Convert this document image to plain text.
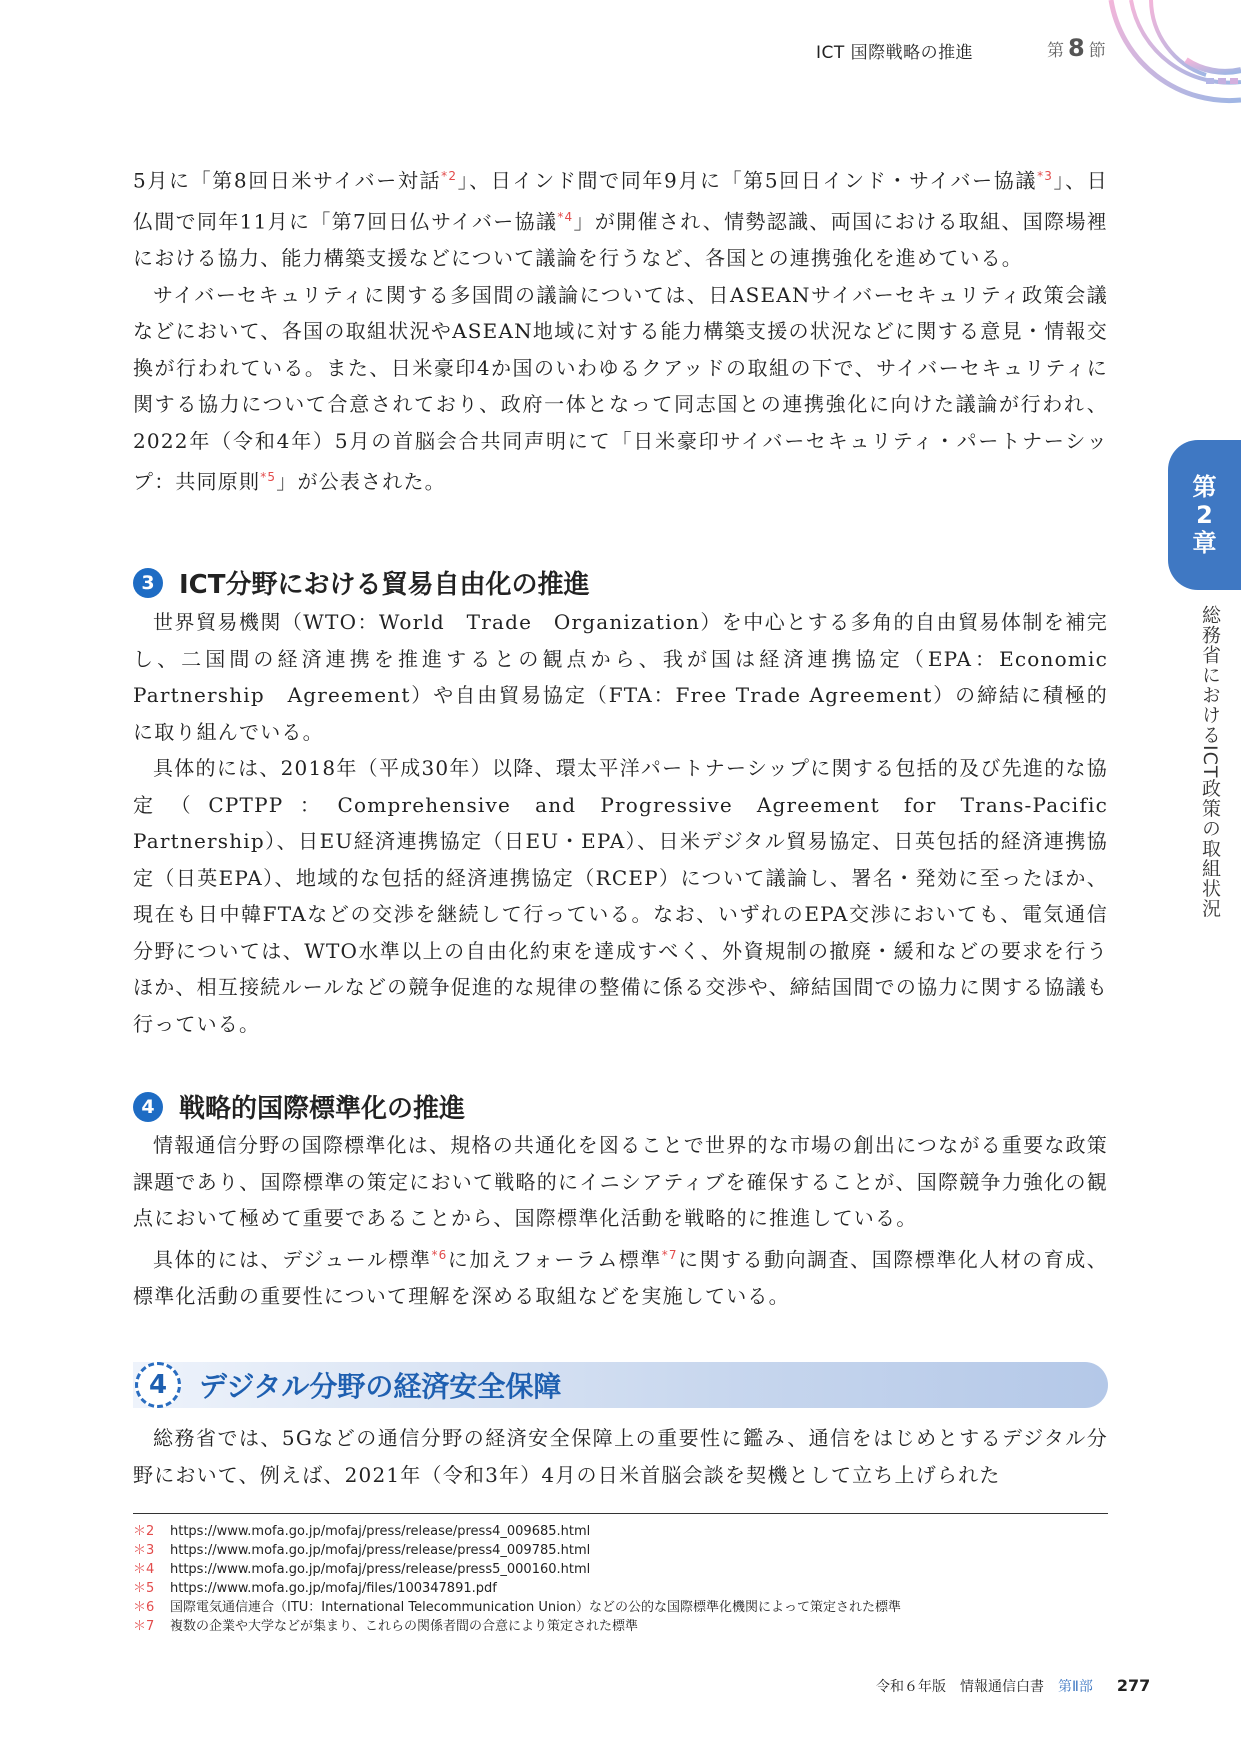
ICT 国際戦略の推進	第 8 節
第
2
章
総務省におけるICT政策の取組状況

5月に「第8回日米サイバー対話$^{*2}$」、日インド間で同年9月に「第5回日インド・サイバー協議$^{*3}$」、日仏間で同年11月に「第7回日仏サイバー協議$^{*4}$」が開催され、情勢認識、両国における取組、国際場裡における協力、能力構築支援などについて議論を行うなど、各国との連携強化を進めている。

サイバーセキュリティに関する多国間の議論については、日ASEANサイバーセキュリティ政策会議などにおいて、各国の取組状況やASEAN地域に対する能力構築支援の状況などに関する意見・情報交換が行われている。また、日米豪印4か国のいわゆるクアッドの取組の下で、サイバーセキュリティに関する協力について合意されており、政府一体となって同志国との連携強化に向けた議論が行われ、2022年（令和4年）5月の首脳会合共同声明にて「日米豪印サイバーセキュリティ・パートナーシップ：共同原則$^{*5}$」が公表された。

3 ICT分野における貿易自由化の推進

世界貿易機関（WTO：World　Trade　Organization）を中心とする多角的自由貿易体制を補完し、二国間の経済連携を推進するとの観点から、我が国は経済連携協定（EPA：Economic　Partnership　Agreement）や自由貿易協定（FTA：Free Trade Agreement）の締結に積極的に取り組んでいる。

具体的には、2018年（平成30年）以降、環太平洋パートナーシップに関する包括的及び先進的な協定（CPTPP：Comprehensive and Progressive Agreement for Trans-Pacific Partnership）、日EU経済連携協定（日EU・EPA）、日米デジタル貿易協定、日英包括的経済連携協定（日英EPA）、地域的な包括的経済連携協定（RCEP）について議論し、署名・発効に至ったほか、現在も日中韓FTAなどの交渉を継続して行っている。なお、いずれのEPA交渉においても、電気通信分野については、WTO水準以上の自由化約束を達成すべく、外資規制の撤廃・緩和などの要求を行うほか、相互接続ルールなどの競争促進的な規律の整備に係る交渉や、締結国間での協力に関する協議も行っている。

4 戦略的国際標準化の推進

情報通信分野の国際標準化は、規格の共通化を図ることで世界的な市場の創出につながる重要な政策課題であり、国際標準の策定において戦略的にイニシアティブを確保することが、国際競争力強化の観点において極めて重要であることから、国際標準化活動を戦略的に推進している。

具体的には、デジュール標準$^{*6}$に加えフォーラム標準$^{*7}$に関する動向調査、国際標準化人材の育成、標準化活動の重要性について理解を深める取組などを実施している。

4	デジタル分野の経済安全保障

総務省では、5Gなどの通信分野の経済安全保障上の重要性に鑑み、通信をはじめとするデジタル分野において、例えば、2021年（令和3年）4月の日米首脳会談を契機として立ち上げられた

＊2	https://www.mofa.go.jp/mofaj/press/release/press4_009685.html
＊3	https://www.mofa.go.jp/mofaj/press/release/press4_009785.html
＊4	https://www.mofa.go.jp/mofaj/press/release/press5_000160.html
＊5	https://www.mofa.go.jp/mofaj/files/100347891.pdf
＊6	国際電気通信連合（ITU：International Telecommunication Union）などの公的な国際標準化機関によって策定された標準
＊7	複数の企業や大学などが集まり、これらの関係者間の合意により策定された標準
令和６年版 情報通信白書 第Ⅱ部 277
